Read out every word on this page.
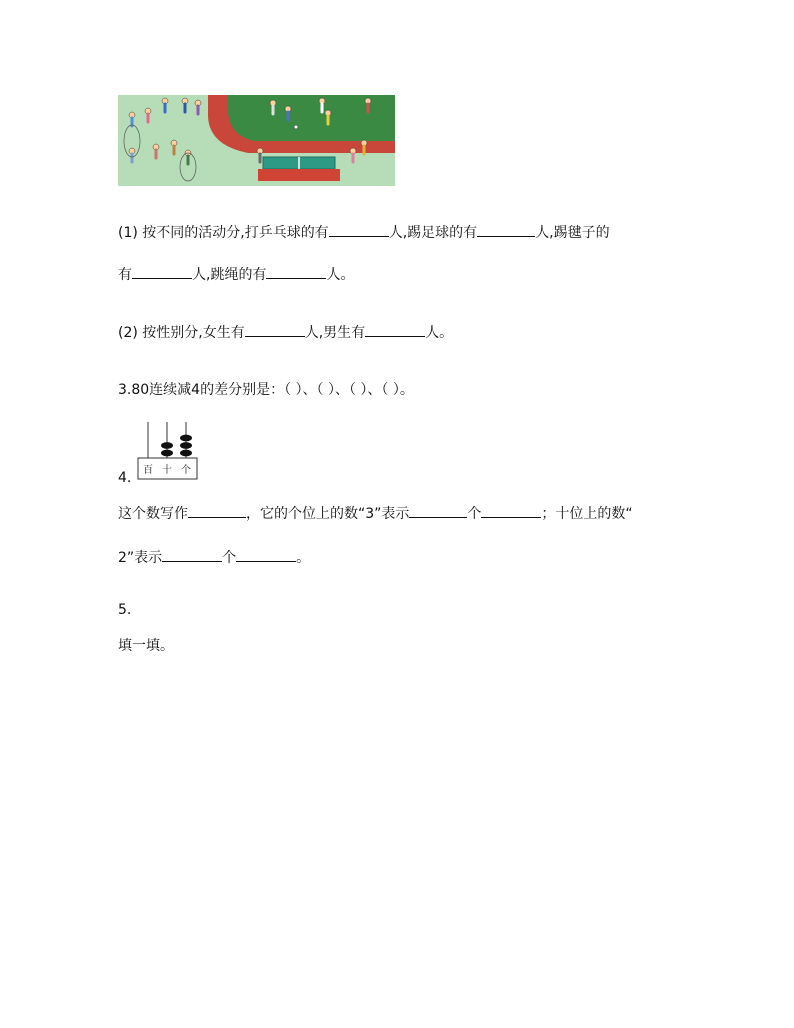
(1) 按不同的活动分,打乒乓球的有	人,踢足球的有	人,踢毽子的
有	人,跳绳的有	人。
(2) 按性别分,女生有	人,男生有	人。
3.80连续减4的差分别是：（ ）、（ ）、（ ）、（ ）。
百 十 个
4.
这个数写作	，它的个位上的数“3”表示	个	；十位上的数“
2”表示	个	。
5.
填一填。
